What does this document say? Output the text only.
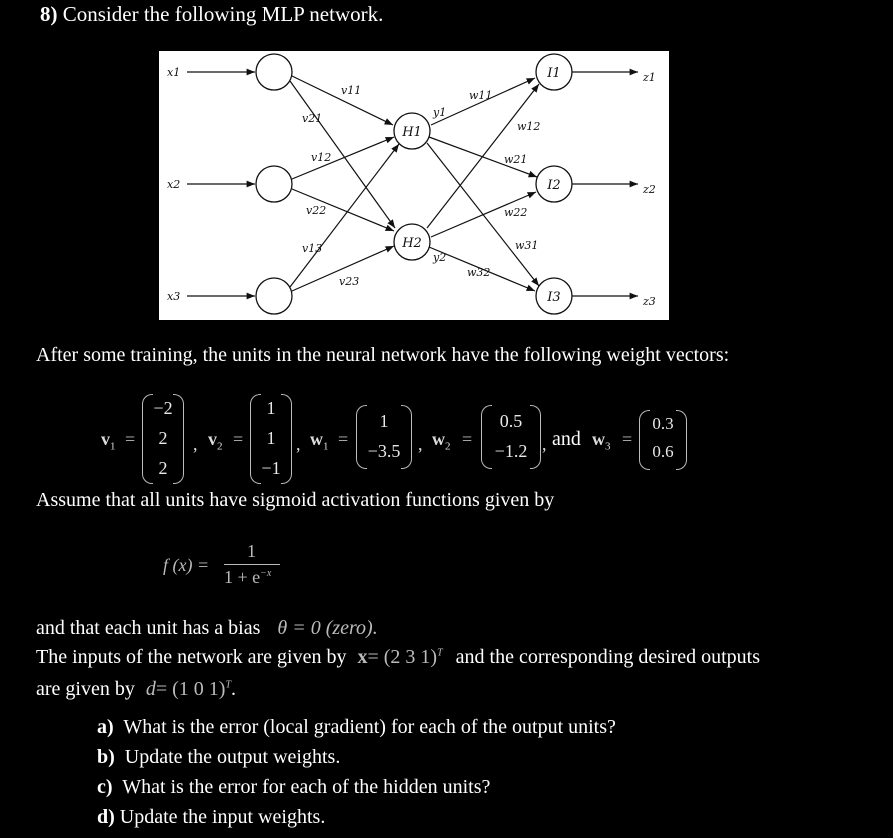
8) Consider the following MLP network.
x1
x2
x3
z1
z2
z3
v11
v21
v12
v22
v13
v23
y1
y2
w11
w12
w21
w22
w31
w32
H1
H2
I1
I2
I3
After some training, the units in the neural network have the following weight vectors:
$v_1$ =
−2
2
2
, $v_2$ =
1
1
−1
, $w_1$ =
1
−3.5 , $w_2$ =
0.5
−1.2 , and $w_3$ =
0.3
0.6
Assume that all units have sigmoid activation functions given by
f (x) =
1
$1 + e^{-x}$
and that each unit has a bias θ = 0 (zero).
The inputs of the network are given by x= (2 3 1)$^T$ and the corresponding desired outputs
are given by d= (1 0 1)$^T$.
a) What is the error (local gradient) for each of the output units?
b) Update the output weights.
c) What is the error for each of the hidden units?
d) Update the input weights.
